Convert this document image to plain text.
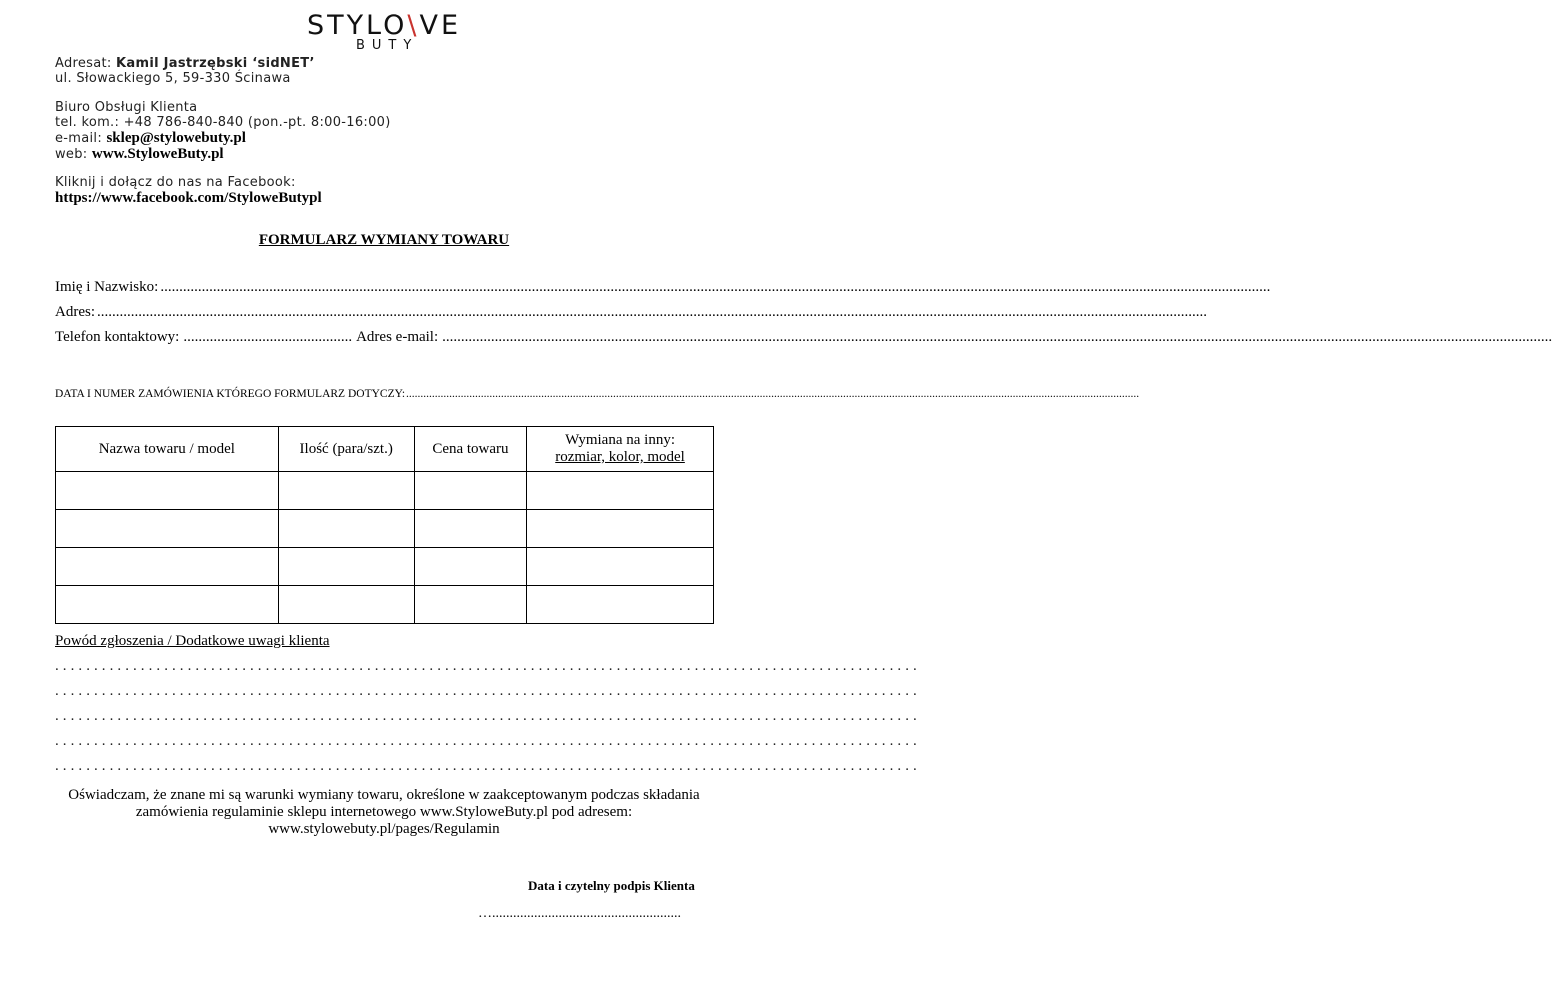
STYLO\VE
BUTY
Adresat: Kamil Jastrzębski ‘sidNET’
ul. Słowackiego 5, 59-330 Ścinawa
Biuro Obsługi Klienta
tel. kom.: +48 786-840-840 (pon.-pt. 8:00-16:00)
e-mail: sklep@stylowebuty.pl
web: www.StyloweButy.pl
Kliknij i dołącz do nas na Facebook:
https://www.facebook.com/StyloweButypl
FORMULARZ WYMIANY TOWARU
Imię i Nazwisko:
.....
Adres:
.....
Telefon kontaktowy: ............................................. Adres e-mail:
.....
DATA I NUMER ZAMÓWIENIA KTÓREGO FORMULARZ DOTYCZY:
.....
Nazwa towaru / model	Ilość (para/szt.)	Cena towaru	Wymiana na inny:
rozmiar, kolor, model

Powód zgłoszenia / Dodatkowe uwagi klienta
...............................................................................................................
...............................................................................................................
...............................................................................................................
...............................................................................................................
...............................................................................................................
Oświadczam, że znane mi są warunki wymiany towaru, określone w zaakceptowanym podczas składania
zamówienia regulaminie sklepu internetowego www.StyloweButy.pl pod adresem:
www.stylowebuty.pl/pages/Regulamin
Data i czytelny podpis Klienta
…......................................................
